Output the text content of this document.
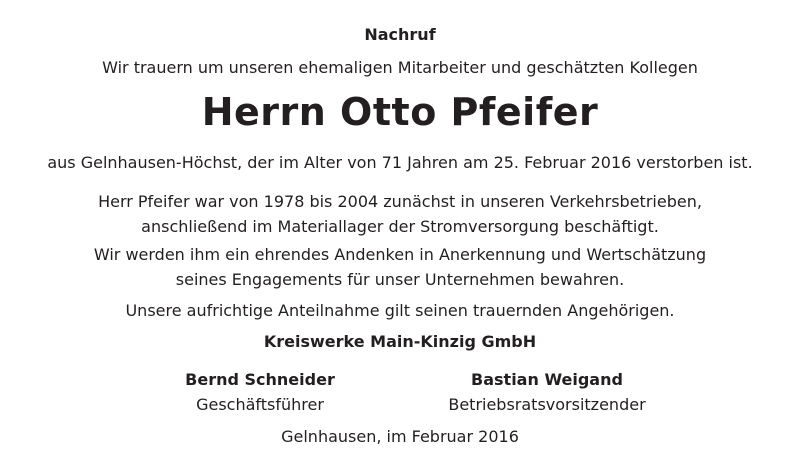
Nachruf
Wir trauern um unseren ehemaligen Mitarbeiter und geschätzten Kollegen
Herrn Otto Pfeifer
aus Gelnhausen-Höchst, der im Alter von 71 Jahren am 25. Februar 2016 verstorben ist.
Herr Pfeifer war von 1978 bis 2004 zunächst in unseren Verkehrsbetrieben,
anschließend im Materiallager der Stromversorgung beschäftigt.
Wir werden ihm ein ehrendes Andenken in Anerkennung und Wertschätzung
seines Engagements für unser Unternehmen bewahren.
Unsere aufrichtige Anteilnahme gilt seinen trauernden Angehörigen.
Kreiswerke Main-Kinzig GmbH
Bernd Schneider
Geschäftsführer
Bastian Weigand
Betriebsratsvorsitzender
Gelnhausen, im Februar 2016
